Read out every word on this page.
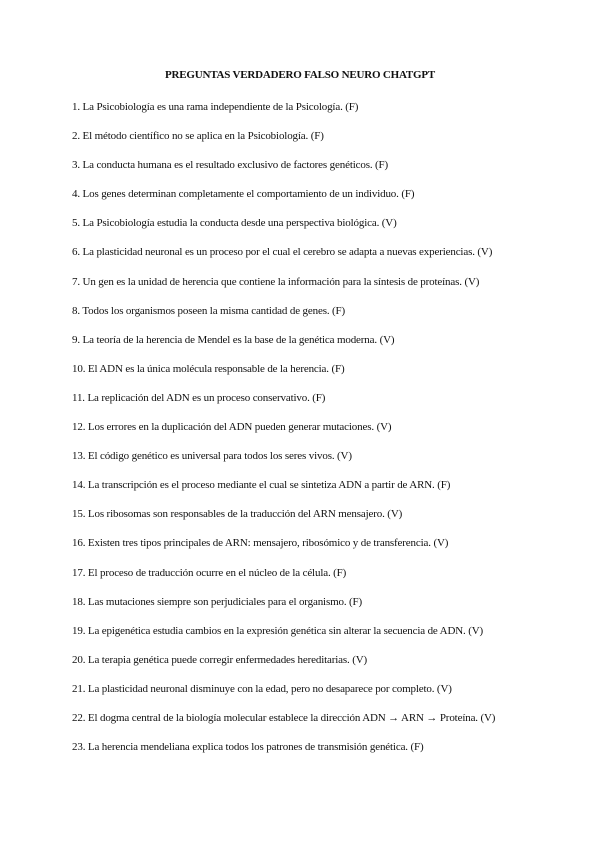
PREGUNTAS VERDADERO FALSO NEURO CHATGPT
1. La Psicobiología es una rama independiente de la Psicología. (F)
2. El método científico no se aplica en la Psicobiología. (F)
3. La conducta humana es el resultado exclusivo de factores genéticos. (F)
4. Los genes determinan completamente el comportamiento de un individuo. (F)
5. La Psicobiología estudia la conducta desde una perspectiva biológica. (V)
6. La plasticidad neuronal es un proceso por el cual el cerebro se adapta a nuevas experiencias. (V)
7. Un gen es la unidad de herencia que contiene la información para la síntesis de proteínas. (V)
8. Todos los organismos poseen la misma cantidad de genes. (F)
9. La teoría de la herencia de Mendel es la base de la genética moderna. (V)
10. El ADN es la única molécula responsable de la herencia. (F)
11. La replicación del ADN es un proceso conservativo. (F)
12. Los errores en la duplicación del ADN pueden generar mutaciones. (V)
13. El código genético es universal para todos los seres vivos. (V)
14. La transcripción es el proceso mediante el cual se sintetiza ADN a partir de ARN. (F)
15. Los ribosomas son responsables de la traducción del ARN mensajero. (V)
16. Existen tres tipos principales de ARN: mensajero, ribosómico y de transferencia. (V)
17. El proceso de traducción ocurre en el núcleo de la célula. (F)
18. Las mutaciones siempre son perjudiciales para el organismo. (F)
19. La epigenética estudia cambios en la expresión genética sin alterar la secuencia de ADN. (V)
20. La terapia genética puede corregir enfermedades hereditarias. (V)
21. La plasticidad neuronal disminuye con la edad, pero no desaparece por completo. (V)
22. El dogma central de la biología molecular establece la dirección ADN → ARN → Proteína. (V)
23. La herencia mendeliana explica todos los patrones de transmisión genética. (F)
